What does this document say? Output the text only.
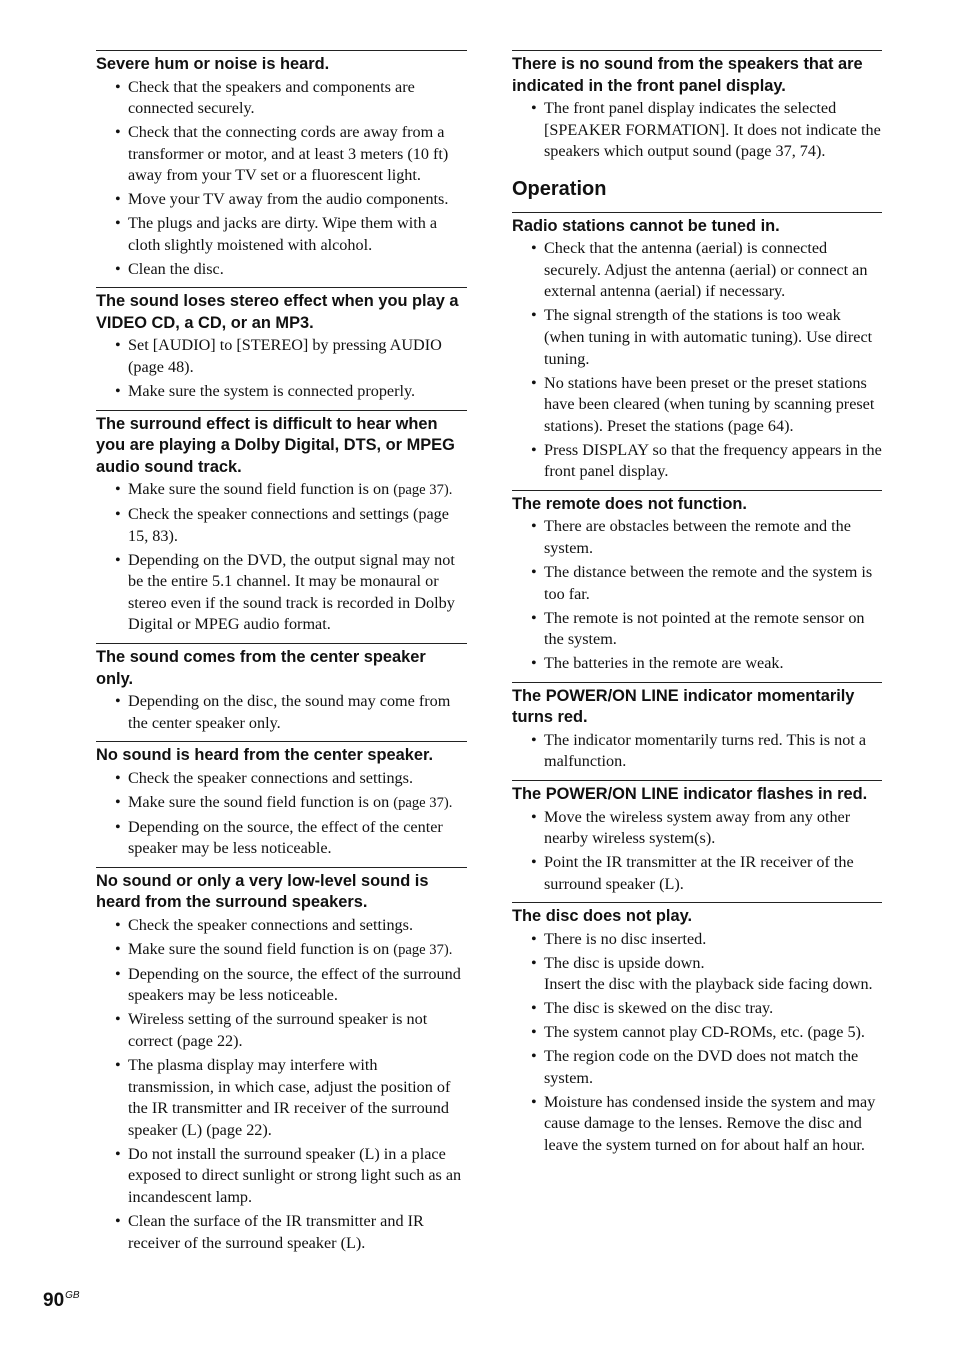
Severe hum or noise is heard.
• Check that the speakers and components are connected securely.
• Check that the connecting cords are away from a transformer or motor, and at least 3 meters (10 ft) away from your TV set or a fluorescent light.
• Move your TV away from the audio components.
• The plugs and jacks are dirty. Wipe them with a cloth slightly moistened with alcohol.
• Clean the disc.
The sound loses stereo effect when you play a VIDEO CD, a CD, or an MP3.
• Set [AUDIO] to [STEREO] by pressing AUDIO (page 48).
• Make sure the system is connected properly.
The surround effect is difficult to hear when you are playing a Dolby Digital, DTS, or MPEG audio sound track.
• Make sure the sound field function is on (page 37).
• Check the speaker connections and settings (page 15, 83).
• Depending on the DVD, the output signal may not be the entire 5.1 channel. It may be monaural or stereo even if the sound track is recorded in Dolby Digital or MPEG audio format.
The sound comes from the center speaker only.
• Depending on the disc, the sound may come from the center speaker only.
No sound is heard from the center speaker.
• Check the speaker connections and settings.
• Make sure the sound field function is on (page 37).
• Depending on the source, the effect of the center speaker may be less noticeable.
No sound or only a very low-level sound is heard from the surround speakers.
• Check the speaker connections and settings.
• Make sure the sound field function is on (page 37).
• Depending on the source, the effect of the surround speakers may be less noticeable.
• Wireless setting of the surround speaker is not correct (page 22).
• The plasma display may interfere with transmission, in which case, adjust the position of the IR transmitter and IR receiver of the surround speaker (L) (page 22).
• Do not install the surround speaker (L) in a place exposed to direct sunlight or strong light such as an incandescent lamp.
• Clean the surface of the IR transmitter and IR receiver of the surround speaker (L).
There is no sound from the speakers that are indicated in the front panel display.
• The front panel display indicates the selected [SPEAKER FORMATION]. It does not indicate the speakers which output sound (page 37, 74).
Operation
Radio stations cannot be tuned in.
• Check that the antenna (aerial) is connected securely. Adjust the antenna (aerial) or connect an external antenna (aerial) if necessary.
• The signal strength of the stations is too weak (when tuning in with automatic tuning). Use direct tuning.
• No stations have been preset or the preset stations have been cleared (when tuning by scanning preset stations). Preset the stations (page 64).
• Press DISPLAY so that the frequency appears in the front panel display.
The remote does not function.
• There are obstacles between the remote and the system.
• The distance between the remote and the system is too far.
• The remote is not pointed at the remote sensor on the system.
• The batteries in the remote are weak.
The POWER/ON LINE indicator momentarily turns red.
• The indicator momentarily turns red. This is not a malfunction.
The POWER/ON LINE indicator flashes in red.
• Move the wireless system away from any other nearby wireless system(s).
• Point the IR transmitter at the IR receiver of the surround speaker (L).
The disc does not play.
• There is no disc inserted.
• The disc is upside down.
Insert the disc with the playback side facing down.
• The disc is skewed on the disc tray.
• The system cannot play CD-ROMs, etc. (page 5).
• The region code on the DVD does not match the system.
• Moisture has condensed inside the system and may cause damage to the lenses. Remove the disc and leave the system turned on for about half an hour.
$90^{GB}$
